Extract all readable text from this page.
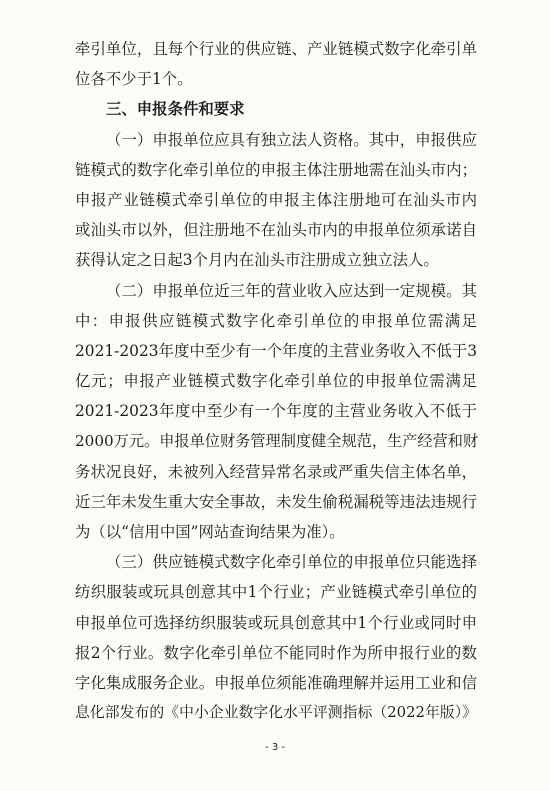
牵引单位，且每个行业的供应链、产业链模式数字化牵引单
位各不少于1个。
三、申报条件和要求
（一）申报单位应具有独立法人资格。其中，申报供应
链模式的数字化牵引单位的申报主体注册地需在汕头市内；
申报产业链模式牵引单位的申报主体注册地可在汕头市内
或汕头市以外，但注册地不在汕头市内的申报单位须承诺自
获得认定之日起3个月内在汕头市注册成立独立法人。
（二）申报单位近三年的营业收入应达到一定规模。其
中：申报供应链模式数字化牵引单位的申报单位需满足
2021-2023年度中至少有一个年度的主营业务收入不低于3
亿元；申报产业链模式数字化牵引单位的申报单位需满足
2021-2023年度中至少有一个年度的主营业务收入不低于
2000万元。申报单位财务管理制度健全规范，生产经营和财
务状况良好，未被列入经营异常名录或严重失信主体名单，
近三年未发生重大安全事故，未发生偷税漏税等违法违规行
为（以“信用中国”网站查询结果为准）。
（三）供应链模式数字化牵引单位的申报单位只能选择
纺织服装或玩具创意其中1个行业；产业链模式牵引单位的
申报单位可选择纺织服装或玩具创意其中1个行业或同时申
报2个行业。数字化牵引单位不能同时作为所申报行业的数
字化集成服务企业。申报单位须能准确理解并运用工业和信
息化部发布的《中小企业数字化水平评测指标（2022年版）》
- 3 -
